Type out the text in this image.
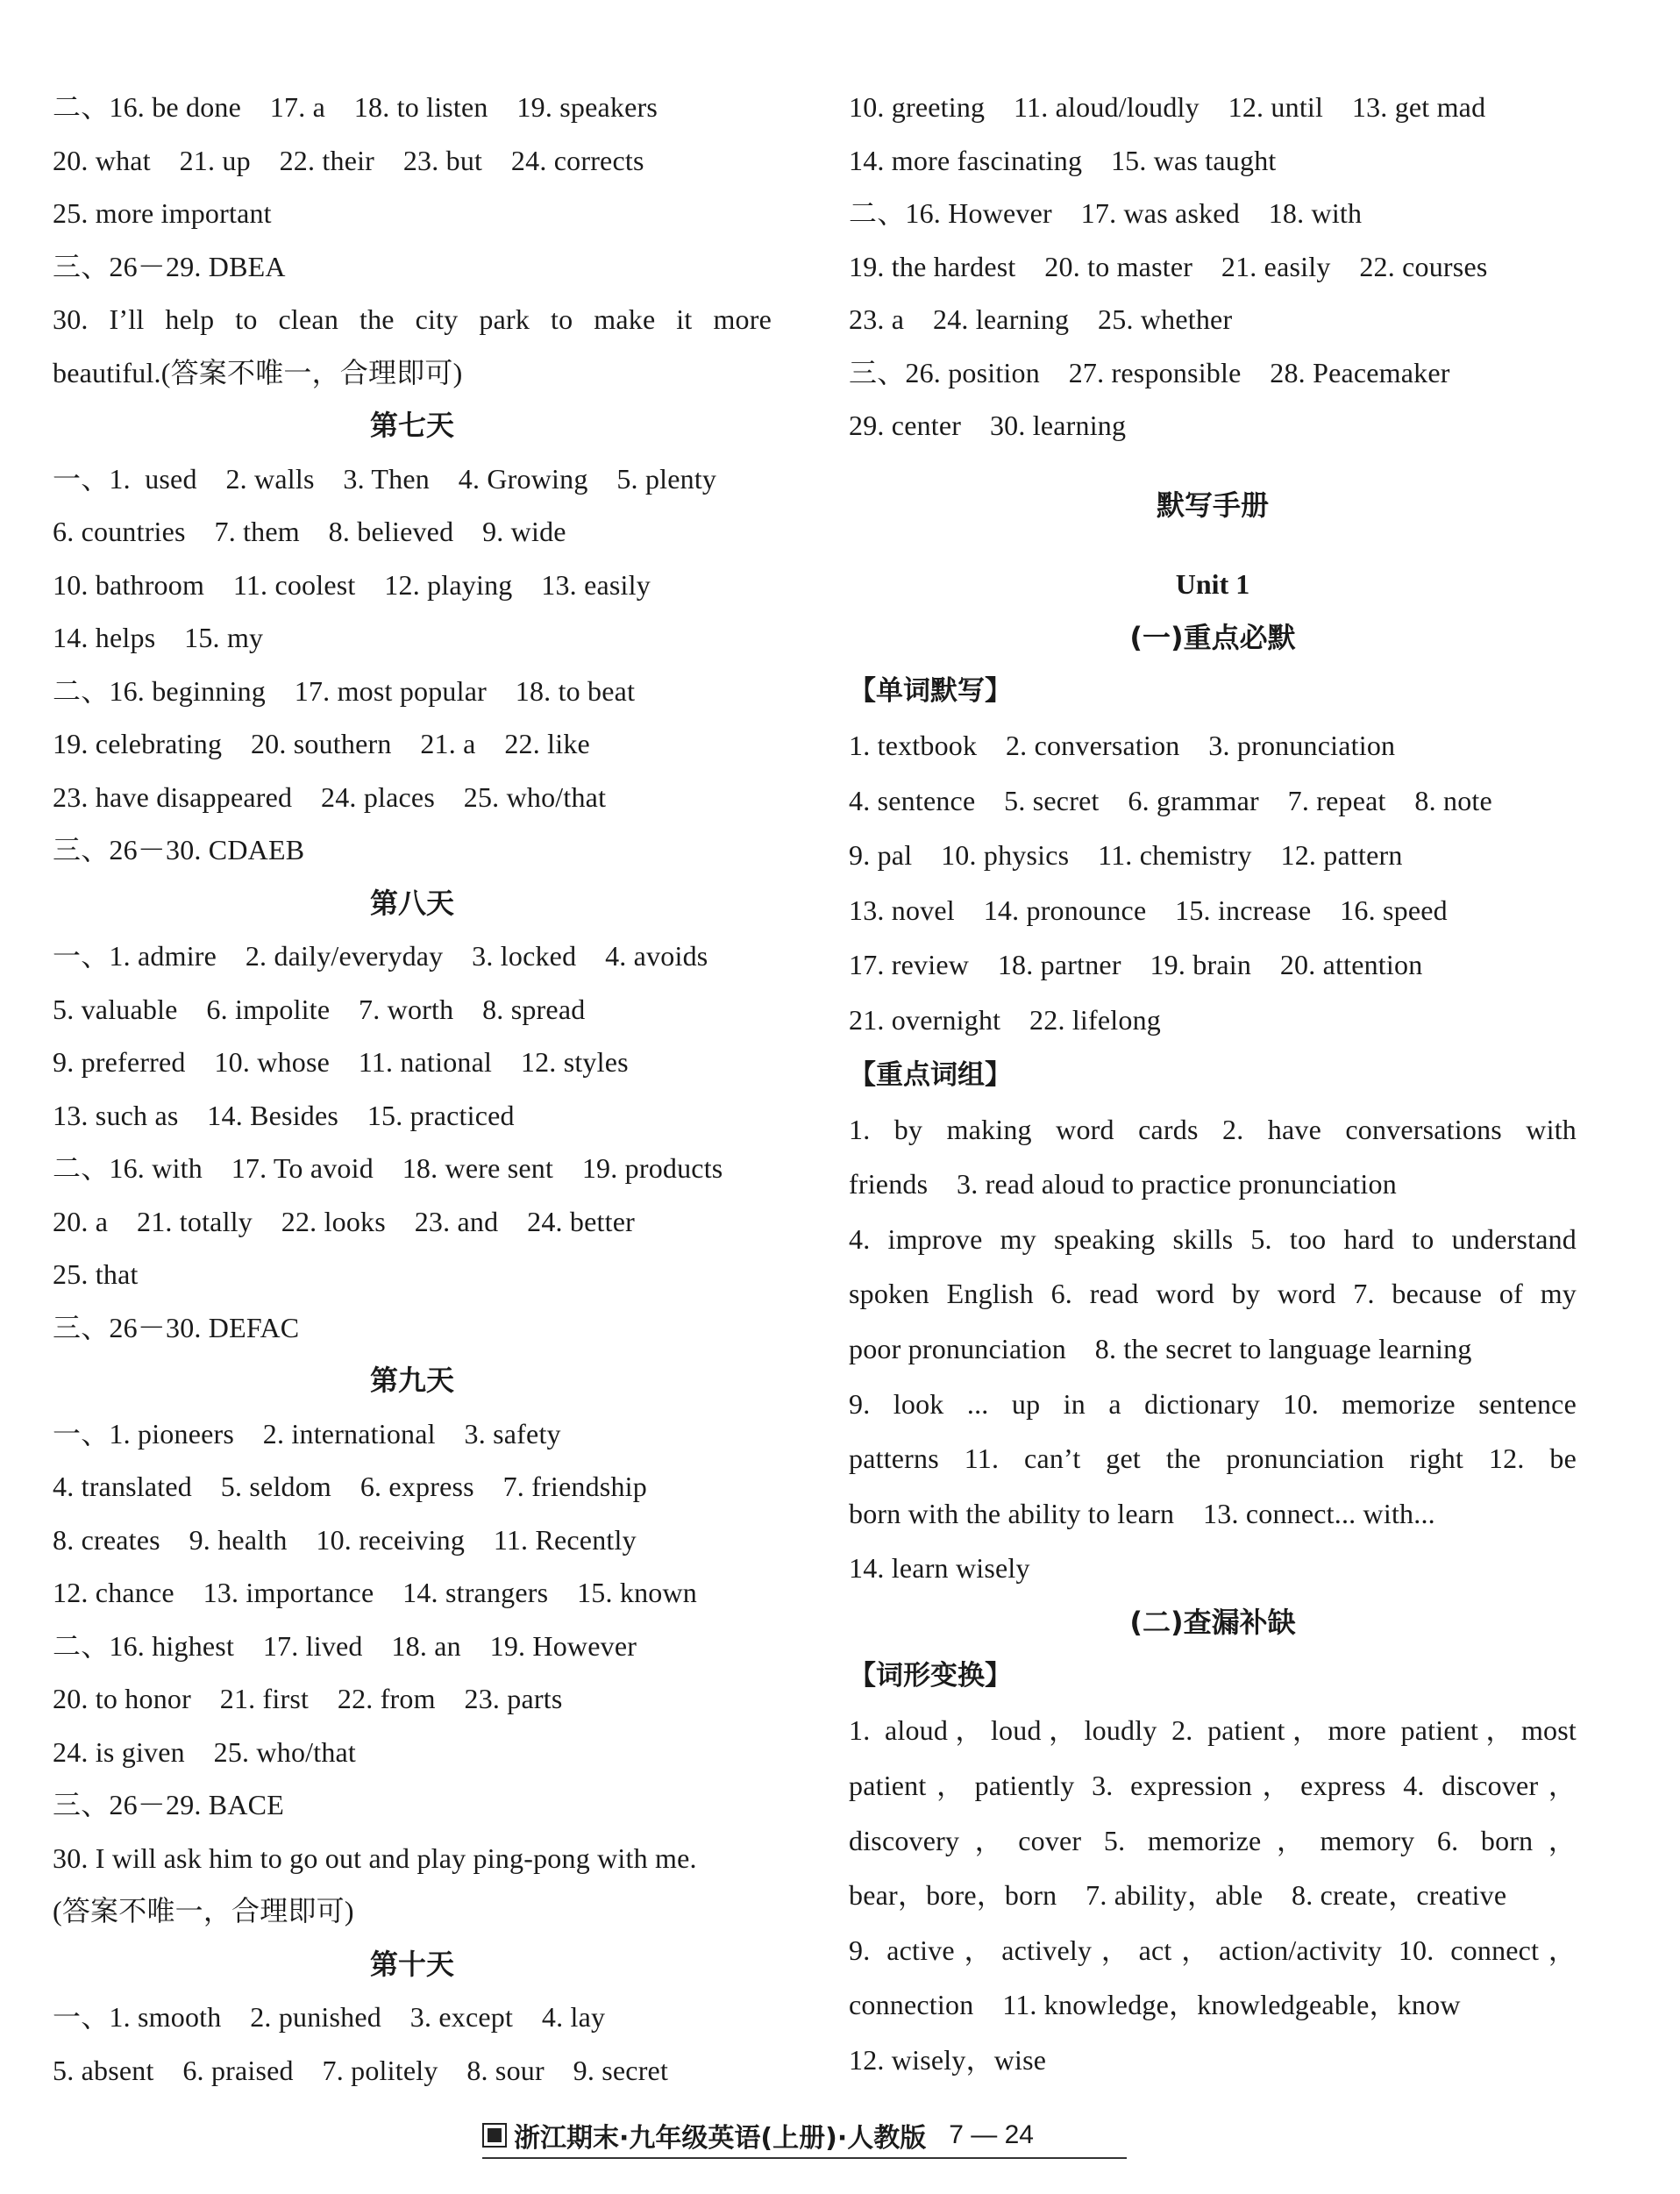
二、16. be done    17. a    18. to listen    19. speakers
20. what    21. up    22. their    23. but    24. corrects
25. more important
三、26－29. DBEA
30. I’ll help to clean the city park to make it more
beautiful.(答案不唯一，合理即可)
第七天
一、1.  used    2. walls    3. Then    4. Growing    5. plenty
6. countries    7. them    8. believed    9. wide
10. bathroom    11. coolest    12. playing    13. easily
14. helps    15. my
二、16. beginning    17. most popular    18. to beat
19. celebrating    20. southern    21. a    22. like
23. have disappeared    24. places    25. who/that
三、26－30. CDAEB
第八天
一、1. admire    2. daily/everyday    3. locked    4. avoids
5. valuable    6. impolite    7. worth    8. spread
9. preferred    10. whose    11. national    12. styles
13. such as    14. Besides    15. practiced
二、16. with    17. To avoid    18. were sent    19. products
20. a    21. totally    22. looks    23. and    24. better
25. that
三、26－30. DEFAC
第九天
一、1. pioneers    2. international    3. safety
4. translated    5. seldom    6. express    7. friendship
8. creates    9. health    10. receiving    11. Recently
12. chance    13. importance    14. strangers    15. known
二、16. highest    17. lived    18. an    19. However
20. to honor    21. first    22. from    23. parts
24. is given    25. who/that
三、26－29. BACE
30. I will ask him to go out and play ping-pong with me.
(答案不唯一，合理即可)
第十天
一、1. smooth    2. punished    3. except    4. lay
5. absent    6. praised    7. politely    8. sour    9. secret
10. greeting    11. aloud/loudly    12. until    13. get mad
14. more fascinating    15. was taught
二、16. However    17. was asked    18. with
19. the hardest    20. to master    21. easily    22. courses
23. a    24. learning    25. whether
三、26. position    27. responsible    28. Peacemaker
29. center    30. learning
默写手册
Unit 1
(一)重点必默
【单词默写】
1. textbook    2. conversation    3. pronunciation
4. sentence    5. secret    6. grammar    7. repeat    8. note
9. pal    10. physics    11. chemistry    12. pattern
13. novel    14. pronounce    15. increase    16. speed
17. review    18. partner    19. brain    20. attention
21. overnight    22. lifelong
【重点词组】
1. by making word cards 2. have conversations with
friends    3. read aloud to practice pronunciation
4. improve my speaking skills 5. too hard to understand
spoken English 6. read word by word 7. because of my
poor pronunciation    8. the secret to language learning
9. look ... up in a dictionary 10. memorize sentence
patterns 11. can’t get the pronunciation right 12. be
born with the ability to learn    13. connect... with...
14. learn wisely
(二)查漏补缺
【词形变换】
1. aloud，loud，loudly 2. patient，more patient，most
patient，patiently 3. expression，express 4. discover，
discovery，cover 5. memorize，memory 6. born，
bear，bore，born    7. ability，able    8. create，creative
9. active，actively，act，action/activity 10. connect，
connection    11. knowledge，knowledgeable，know
12. wisely，wise
浙江期末·九年级英语(上册)·人教版 7 — 24
